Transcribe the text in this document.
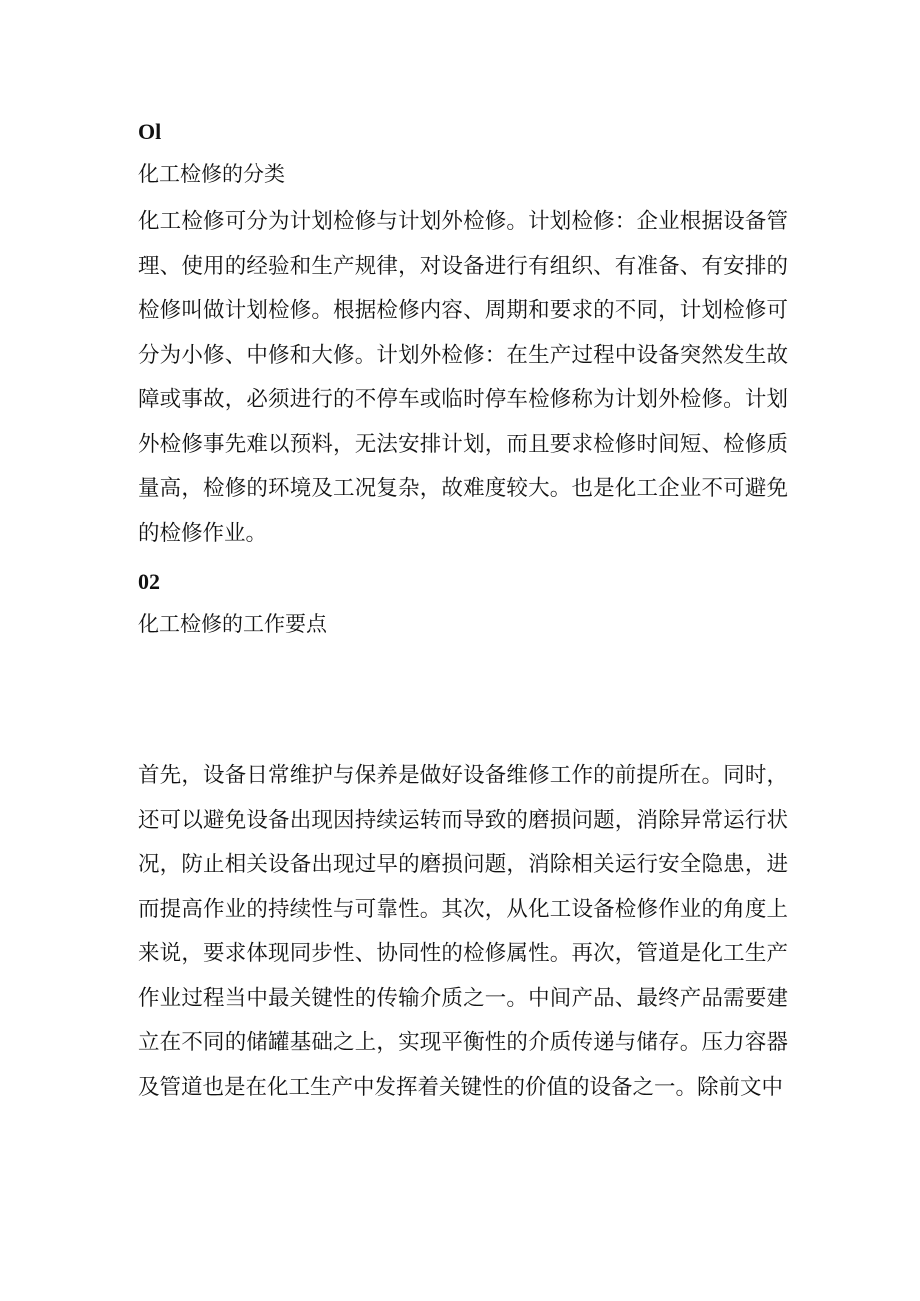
Ol

化工检修的分类

化工检修可分为计划检修与计划外检修。计划检修：企业根据设备管理、使用的经验和生产规律，对设备进行有组织、有准备、有安排的检修叫做计划检修。根据检修内容、周期和要求的不同，计划检修可分为小修、中修和大修。计划外检修：在生产过程中设备突然发生故障或事故，必须进行的不停车或临时停车检修称为计划外检修。计划外检修事先难以预料，无法安排计划，而且要求检修时间短、检修质量高，检修的环境及工况复杂，故难度较大。也是化工企业不可避免的检修作业。

02

化工检修的工作要点

首先，设备日常维护与保养是做好设备维修工作的前提所在。同时，还可以避免设备出现因持续运转而导致的磨损问题，消除异常运行状况，防止相关设备出现过早的磨损问题，消除相关运行安全隐患，进而提高作业的持续性与可靠性。其次，从化工设备检修作业的角度上来说，要求体现同步性、协同性的检修属性。再次，管道是化工生产作业过程当中最关键性的传输介质之一。中间产品、最终产品需要建立在不同的储罐基础之上，实现平衡性的介质传递与储存。压力容器及管道也是在化工生产中发挥着关键性的价值的设备之一。除前文中
